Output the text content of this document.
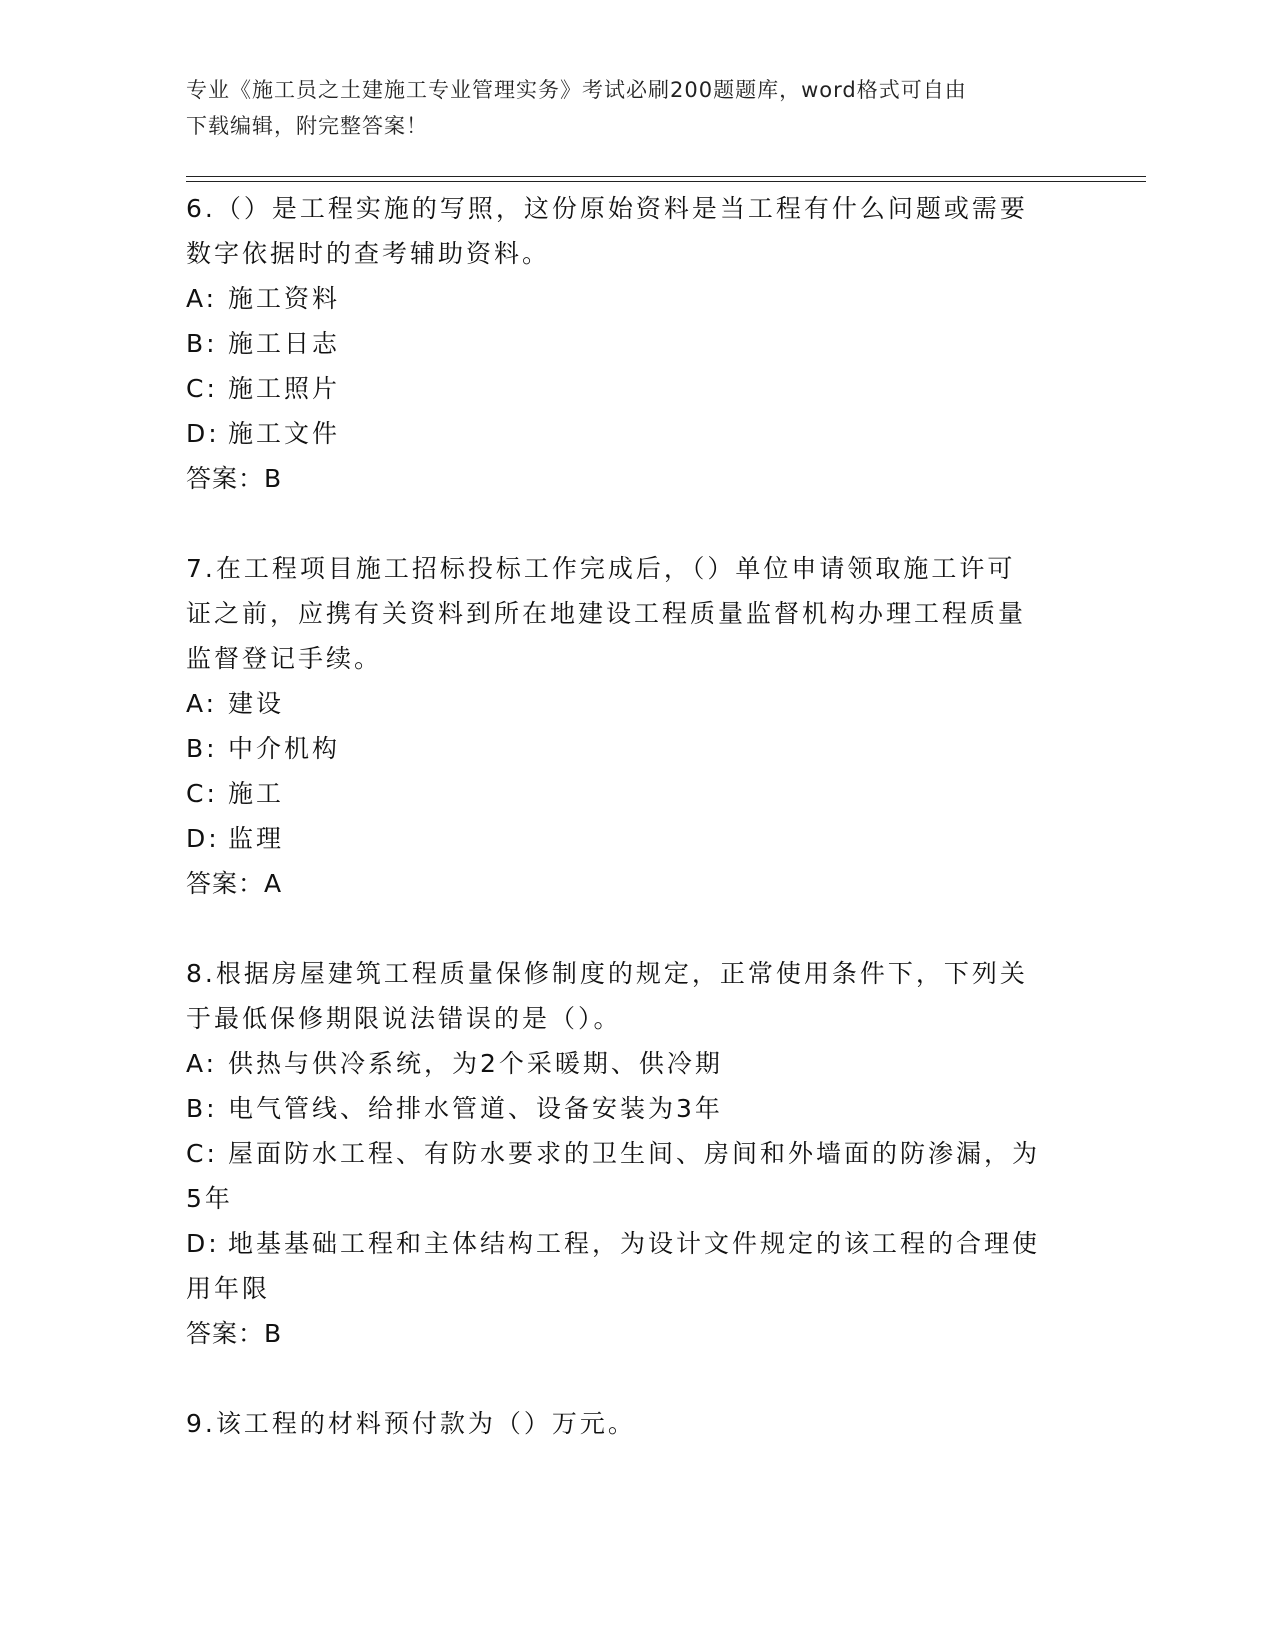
专业《施工员之土建施工专业管理实务》考试必刷200题题库，word格式可自由
下载编辑，附完整答案！

6.（）是工程实施的写照，这份原始资料是当工程有什么问题或需要

数字依据时的查考辅助资料。

A: 施工资料
B: 施工日志
C: 施工照片
D: 施工文件

答案：B

7.在工程项目施工招标投标工作完成后，（）单位申请领取施工许可

证之前，应携有关资料到所在地建设工程质量监督机构办理工程质量

监督登记手续。

A: 建设
B: 中介机构
C: 施工
D: 监理

答案：A

8.根据房屋建筑工程质量保修制度的规定，正常使用条件下，下列关

于最低保修期限说法错误的是（）。

A: 供热与供冷系统，为2个采暖期、供冷期
B: 电气管线、给排水管道、设备安装为3年
C: 屋面防水工程、有防水要求的卫生间、房间和外墙面的防渗漏，为
5年
D: 地基基础工程和主体结构工程，为设计文件规定的该工程的合理使
用年限

答案：B

9.该工程的材料预付款为（）万元。
